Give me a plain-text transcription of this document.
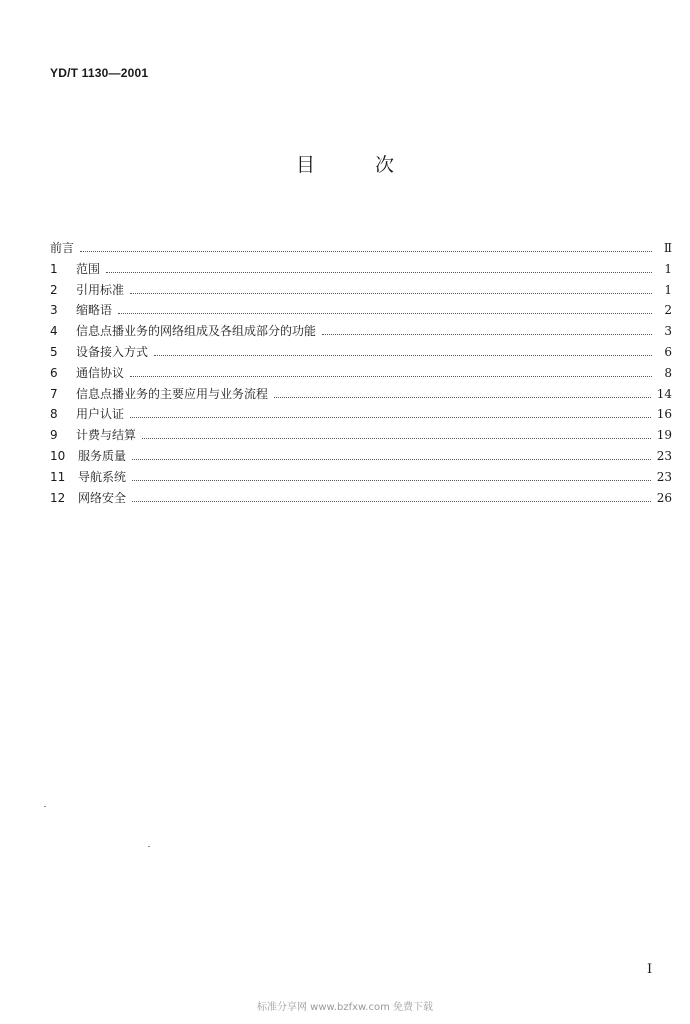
YD/T 1130—2001
目	次
前言	Ⅱ
1	范围	1
2	引用标准	1
3	缩略语	2
4	信息点播业务的网络组成及各组成部分的功能	3
5	设备接入方式	6
6	通信协议	8
7	信息点播业务的主要应用与业务流程	14
8	用户认证	16
9	计费与结算	19
10	服务质量	23
11	导航系统	23
12	网络安全	26
I
标准分享网 www.bzfxw.com 免费下载
